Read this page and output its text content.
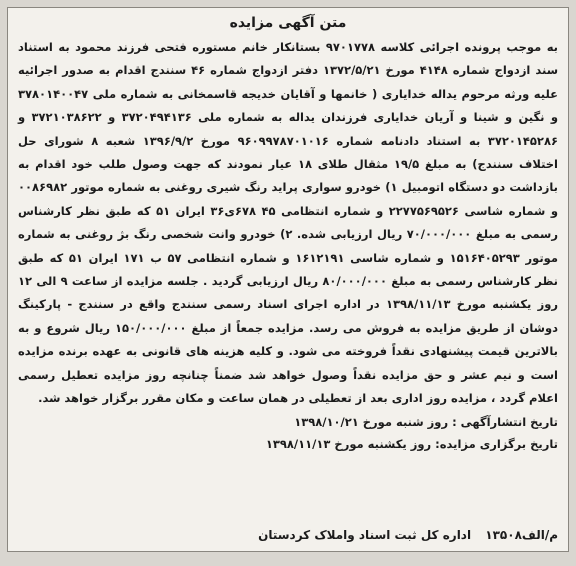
متن آگهی مزایده
به موجب پرونده اجرائی کلاسه ۹۷۰۱۷۷۸ بستانکار خانم مستوره فتحی فرزند محمود به استناد سند ازدواج شماره ۴۱۴۸ مورخ ۱۳۷۲/۵/۲۱ دفتر ازدواج شماره ۴۶ سنندج اقدام به صدور اجرائیه علیه ورثه مرحوم یداله خدایاری ( خانمها و آقایان خدیجه قاسمخانی به شماره ملی ۳۷۸۰۱۴۰۰۴۷ و نگین و شینا و آریان خدایاری فرزندان یداله به شماره ملی ۳۷۲۰۴۹۴۱۳۶ و ۳۷۲۱۰۳۸۶۲۲ و ۳۷۲۰۱۴۵۲۸۶ به استناد دادنامه شماره ۹۶۰۹۹۷۸۷۰۱۰۱۶ مورخ ۱۳۹۶/۹/۲ شعبه ۸ شورای حل اختلاف سنندج) به مبلغ ۱۹/۵ مثقال طلای ۱۸ عیار نمودند که جهت وصول طلب خود اقدام به بازداشت دو دستگاه اتومبیل ۱) خودرو سواری پراید رنگ شیری روغنی به شماره موتور ۰۰۸۶۹۸۲ و شماره شاسی ۲۲۷۷۵۶۹۵۲۶ و شماره انتظامی ۴۵ ۶۷۸ی۳۶ ایران ۵۱ که طبق نظر کارشناس رسمی به مبلغ ۷۰/۰۰۰/۰۰۰ ریال ارزیابی شده. ۲) خودرو وانت شخصی رنگ بژ روغنی به شماره موتور ۱۵۱۶۴۰۵۲۹۳ و شماره شاسی ۱۶۱۲۱۹۱ و شماره انتظامی ۵۷ ب ۱۷۱ ایران ۵۱ که طبق نظر کارشناس رسمی به مبلغ ۸۰/۰۰۰/۰۰۰ ریال ارزیابی گردید . جلسه مزایده از ساعت ۹ الی ۱۲ روز یکشنبه مورخ ۱۳۹۸/۱۱/۱۳ در اداره اجرای اسناد رسمی سنندج واقع در سنندج - پارکینگ دوشان از طریق مزایده به فروش می رسد. مزایده جمعاً از مبلغ ۱۵۰/۰۰۰/۰۰۰ ریال شروع و به بالاترین قیمت پیشنهادی نقداً فروخته می شود. و کلیه هزینه های قانونی به عهده برنده مزایده است و نیم عشر و حق مزایده نقداً وصول خواهد شد ضمناً چنانچه روز مزایده تعطیل رسمی اعلام گردد ، مزایده روز اداری بعد از تعطیلی در همان ساعت و مکان مقرر برگزار خواهد شد.
تاریخ انتشارآگهی : روز شنبه مورخ ۱۳۹۸/۱۰/۲۱
تاریخ برگزاری مزایده: روز یکشنبه مورخ ۱۳۹۸/۱۱/۱۳
م/الف۱۳۵۰۸ اداره کل ثبت اسناد واملاک کردستان
